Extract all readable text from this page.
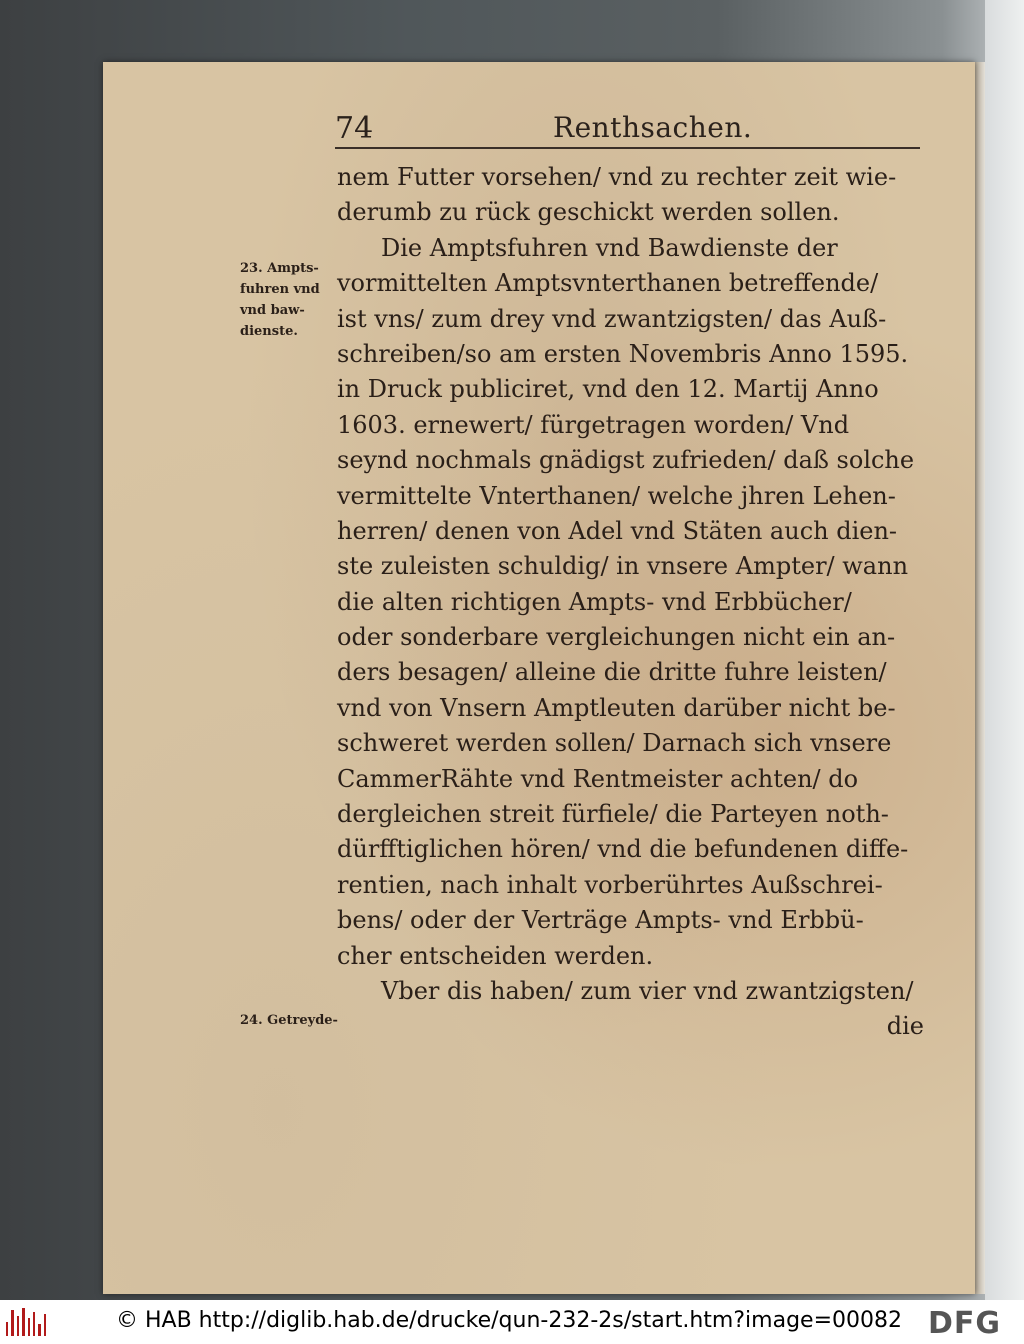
74	Renthsachen.
23. Ampts-
fuhren vnd
vnd baw-
dienste.
24. Getreyde-
nem Futter vorsehen/ vnd zu rechter zeit wie-
derumb zu rück geschickt werden sollen.
Die Amptsfuhren vnd Bawdienste der
vormittelten Amptsvnterthanen betreffende/
ist vns/ zum drey vnd zwantzigsten/ das Auß-
schreiben/so am ersten Novembris Anno 1595.
in Druck publiciret, vnd den 12. Martij Anno
1603. ernewert/ fürgetragen worden/ Vnd
seynd nochmals gnädigst zufrieden/ daß solche
vermittelte Vnterthanen/ welche jhren Lehen-
herren/ denen von Adel vnd Stäten auch dien-
ste zuleisten schuldig/ in vnsere Ampter/ wann
die alten richtigen Ampts- vnd Erbbücher/
oder sonderbare vergleichungen nicht ein an-
ders besagen/ alleine die dritte fuhre leisten/
vnd von Vnsern Amptleuten darüber nicht be-
schweret werden sollen/ Darnach sich vnsere
CammerRähte vnd Rentmeister achten/ do
dergleichen streit fürfiele/ die Parteyen noth-
dürfftiglichen hören/ vnd die befundenen diffe-
rentien, nach inhalt vorberührtes Außschrei-
bens/ oder der Verträge Ampts- vnd Erbbü-
cher entscheiden werden.
Vber dis haben/ zum vier vnd zwantzigsten/
die
© HAB http://diglib.hab.de/drucke/qun-232-2s/start.htm?image=00082 DFG
